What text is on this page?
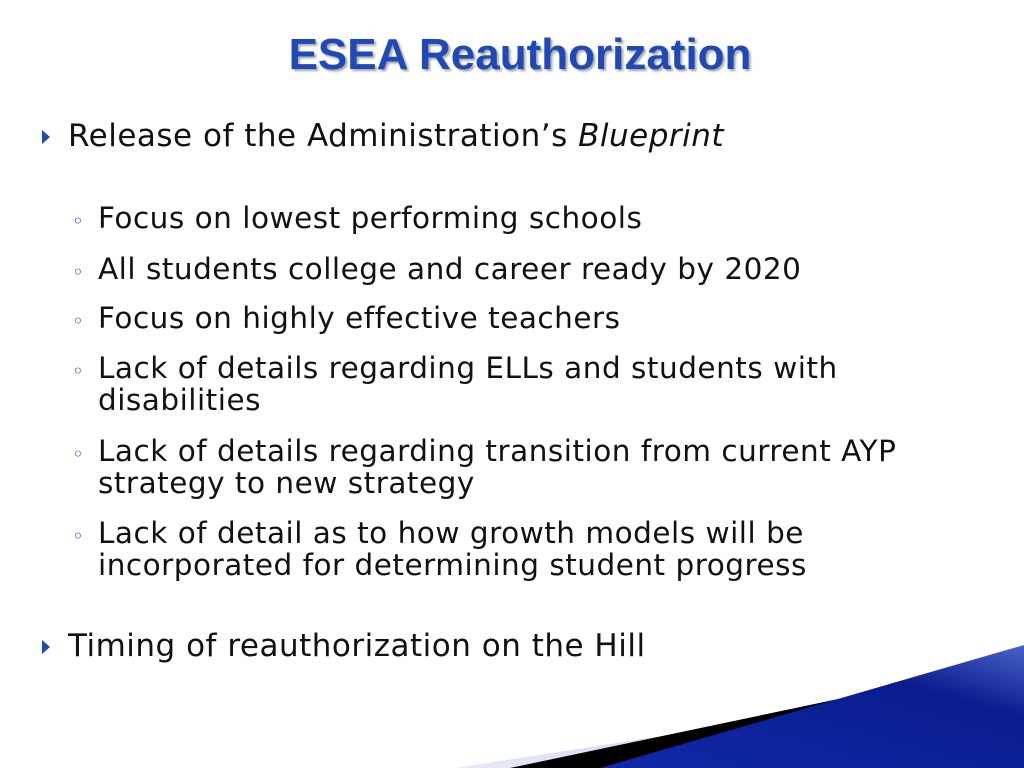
ESEA Reauthorization
Release of the Administration’s Blueprint
◦ Focus on lowest performing schools
◦ All students college and career ready by 2020
◦ Focus on highly effective teachers
◦ Lack of details regarding ELLs and students with disabilities
◦ Lack of details regarding transition from current AYP strategy to new strategy
◦ Lack of detail as to how growth models will be incorporated for determining student progress
Timing of reauthorization on the Hill
